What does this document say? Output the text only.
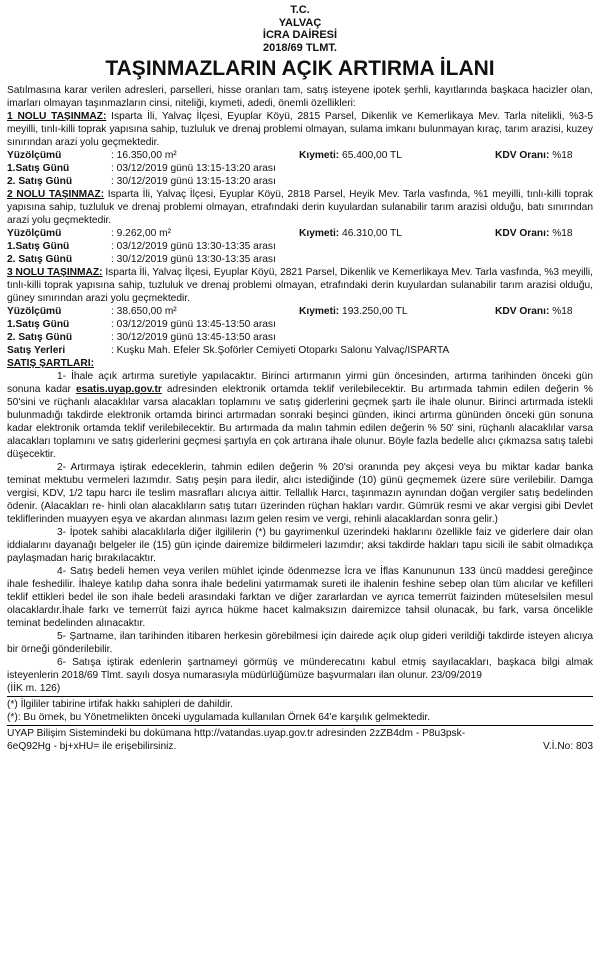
T.C.
YALVAÇ
İCRA DAİRESİ
2018/69 TLMT.
TAŞINMAZLARIN AÇIK ARTIRMA İLANI
Satılmasına karar verilen adresleri, parselleri, hisse oranları tam, satış isteyene ipotek şerhli, kayıtlarında başkaca hacizler olan, imarları olmayan taşınmazların cinsi, niteliği, kıymeti, adedi, önemli özellikleri:
1 NOLU TAŞINMAZ: Isparta İli, Yalvaç İlçesi, Eyuplar Köyü, 2815 Parsel, Dikenlik ve Kemerlikaya Mev. Tarla nitelikli, %3-5 meyilli, tınlı-killi toprak yapısına sahip, tuzluluk ve drenaj problemi olmayan, sulama imkanı bulunmayan kıraç, tarım arazisi, kuzey sınırından arazi yolu geçmektedir.
Yüzölçümü	: 16.350,00 m²	Kıymeti: 65.400,00 TL	KDV Oranı: %18
1.Satış Günü	: 03/12/2019 günü 13:15-13:20 arası
2. Satış Günü	: 30/12/2019 günü 13:15-13:20 arası
2 NOLU TAŞINMAZ: Isparta İli, Yalvaç İlçesi, Eyuplar Köyü, 2818 Parsel, Heyik Mev. Tarla vasfında, %1 meyilli, tınlı-killi toprak yapısına sahip, tuzluluk ve drenaj problemi olmayan, etrafındaki derin kuyulardan sulanabilir tarım arazisi olduğu, batı sınırından arazi yolu geçmektedir.
Yüzölçümü	: 9.262,00 m²	Kıymeti: 46.310,00 TL	KDV Oranı: %18
1.Satış Günü	: 03/12/2019 günü 13:30-13:35 arası
2. Satış Günü	: 30/12/2019 günü 13:30-13:35 arası
3 NOLU TAŞINMAZ: Isparta İli, Yalvaç İlçesi, Eyuplar Köyü, 2821 Parsel, Dikenlik ve Kemerlikaya Mev. Tarla vasfında, %3 meyilli, tınlı-killi toprak yapısına sahip, tuzluluk ve drenaj problemi olmayan, etrafındaki derin kuyulardan sulanabilir tarım arazisi olduğu, güney sınırından arazi yolu geçmektedir.
Yüzölçümü	: 38.650,00 m²	Kıymeti: 193.250,00 TL	KDV Oranı: %18
1.Satış Günü	: 03/12/2019 günü 13:45-13:50 arası
2. Satış Günü	: 30/12/2019 günü 13:45-13:50 arası
Satış Yerleri	: Kuşku Mah. Efeler Sk.Şoförler Cemiyeti Otoparkı Salonu Yalvaç/ISPARTA
SATIŞ ŞARTLARI:
1- İhale açık artırma suretiyle yapılacaktır. Birinci artırmanın yirmi gün öncesinden, artırma tarihinden önceki gün sonuna kadar esatis.uyap.gov.tr adresinden elektronik ortamda teklif verilebilecektir. Bu artırmada tahmin edilen değerin % 50'sini ve rüçhanlı alacaklılar varsa alacakları toplamını ve satış giderlerini geçmek şartı ile ihale olunur. Birinci artırmada istekli bulunmadığı takdirde elektronik ortamda birinci artırmadan sonraki beşinci günden, ikinci artırma gününden önceki gün sonuna kadar elektronik ortamda teklif verilebilecektir. Bu artırmada da malın tahmin edilen değerin % 50' sini, rüçhanlı alacaklılar varsa alacakları toplamını ve satış giderlerini geçmesi şartıyla en çok artırana ihale olunur. Böyle fazla bedelle alıcı çıkmazsa satış talebi düşecektir.
2- Artırmaya iştirak edeceklerin, tahmin edilen değerin % 20'si oranında pey akçesi veya bu miktar kadar banka teminat mektubu vermeleri lazımdır. Satış peşin para iledir, alıcı istediğinde (10) günü geçmemek üzere süre verilebilir. Damga vergisi, KDV, 1/2 tapu harcı ile teslim masrafları alıcıya aittir. Tellallık Harcı, taşınmazın aynından doğan vergiler satış bedelinden ödenir. (Alacakları re- hinli olan alacaklıların satış tutarı üzerinden rüçhan hakları vardır. Gümrük resmi ve akar vergisi gibi Devlet tekliflerinden muayyen eşya ve akardan alınması lazım gelen resim ve vergi, rehinli alacaklardan sonra gelir.)
3- İpotek sahibi alacaklılarla diğer ilgililerin (*) bu gayrimenkul üzerindeki haklarını özellikle faiz ve giderlere dair olan iddialarını dayanağı belgeler ile (15) gün içinde dairemize bildirmeleri lazımdır; aksi takdirde hakları tapu sicili ile sabit olmadıkça paylaşmadan hariç bırakılacaktır.
4- Satış bedeli hemen veya verilen mühlet içinde ödenmezse İcra ve İflas Kanununun 133 üncü maddesi gereğince ihale feshedilir. İhaleye katılıp daha sonra ihale bedelini yatırmamak sureti ile ihalenin feshine sebep olan tüm alıcılar ve kefilleri teklif ettikleri bedel ile son ihale bedeli arasındaki farktan ve diğer zararlardan ve ayrıca temerrüt faizinden müteselsilen mesul olacaklardır.İhale farkı ve temerrüt faizi ayrıca hükme hacet kalmaksızın dairemizce tahsil olunacak, bu fark, varsa öncelikle teminat bedelinden alınacaktır.
5- Şartname, ilan tarihinden itibaren herkesin görebilmesi için dairede açık olup gideri verildiği takdirde isteyen alıcıya bir örneği gönderilebilir.
6- Satışa iştirak edenlerin şartnameyi görmüş ve münderecatını kabul etmiş sayılacakları, başkaca bilgi almak isteyenlerin 2018/69 Tlmt. sayılı dosya numarasıyla müdürlüğümüze başvurmaları ilan olunur. 23/09/2019
(İİK m. 126)
(*) İlgililer tabirine irtifak hakkı sahipleri de dahildir.
(*): Bu örnek, bu Yönetmelikten önceki uygulamada kullanılan Örnek 64'e karşılık gelmektedir.
UYAP Bilişim Sistemindeki bu dokümana http://vatandas.uyap.gov.tr adresinden 2zZB4dm - P8u3psk-
6eQ92Hg - bj+xHU= ile erişebilirsiniz.	V.İ.No: 803
